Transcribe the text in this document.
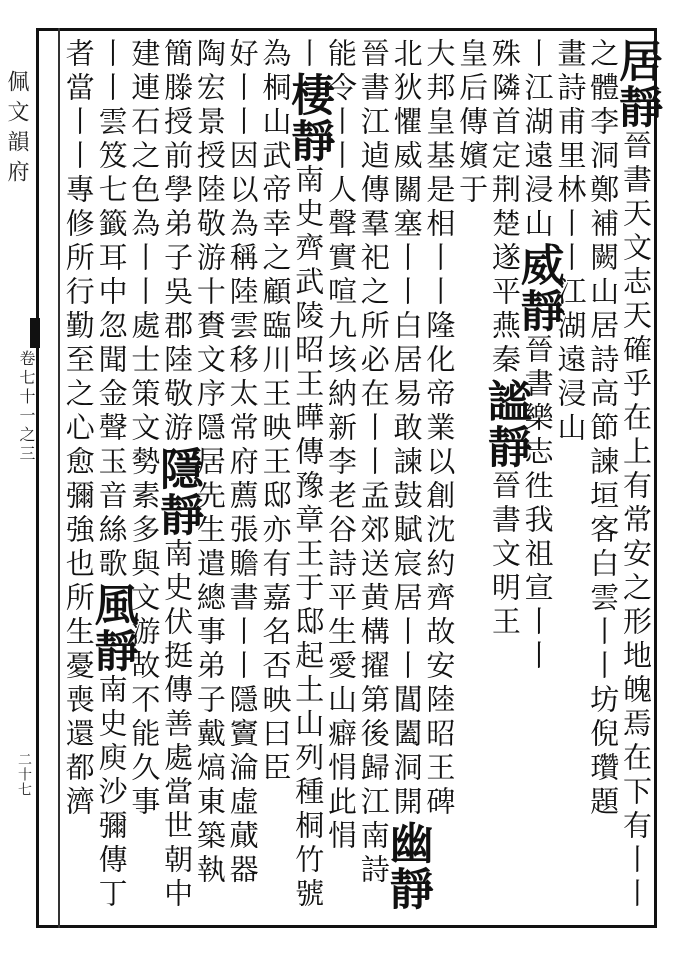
佩文韻府
卷七十一之三
二十七
居靜晉書天文志天確乎在上有常安之形地魄焉在下有丨丨
之體李洞鄭補闕山居詩高節諫垣客白雲丨丨坊倪瓚題
畫詩甫里林丨丨江湖遠浸山
丨江湖遠浸山威靜晉書樂志徃我祖宣丨丨
殊隣首定荆楚遂平燕秦謐靜晉書文明王
皇后傳嬪于
大邦皇基是相丨丨隆化帝業以創沈約齊故安陸昭王碑
北狄懼威關塞丨丨白居易敢諫鼓賦宸居丨丨閶闔洞開幽靜
晉書江逌傳羣祀之所必在丨丨孟郊送黄構擢第後歸江南詩
能令丨丨人聲實喧九垓納新李老谷詩平生愛山癖悁此悁
丨棲靜南史齊武陵昭王曄傳豫章王于邸起土山列種桐竹號
為桐山武帝幸之顧臨川王映王邸亦有嘉名否映曰臣
好丨丨因以為稱陸雲移太常府薦張贍書丨丨隱竇淪虛蕆器
陶宏景授陸敬游十賚文序隱居先生遣總事弟子戴熇東築執
簡滕授前學弟子吳郡陸敬游隱靜南史伏挺傳善處當世朝中
建連石之色為丨丨處士策文勢素多與文游故不能久事
丨丨雲笈七籤耳中忽聞金聲玉音絲歌風靜南史庾沙彌傳丁
者當丨丨專修所行勤至之心愈彌強也所生憂喪還都濟
